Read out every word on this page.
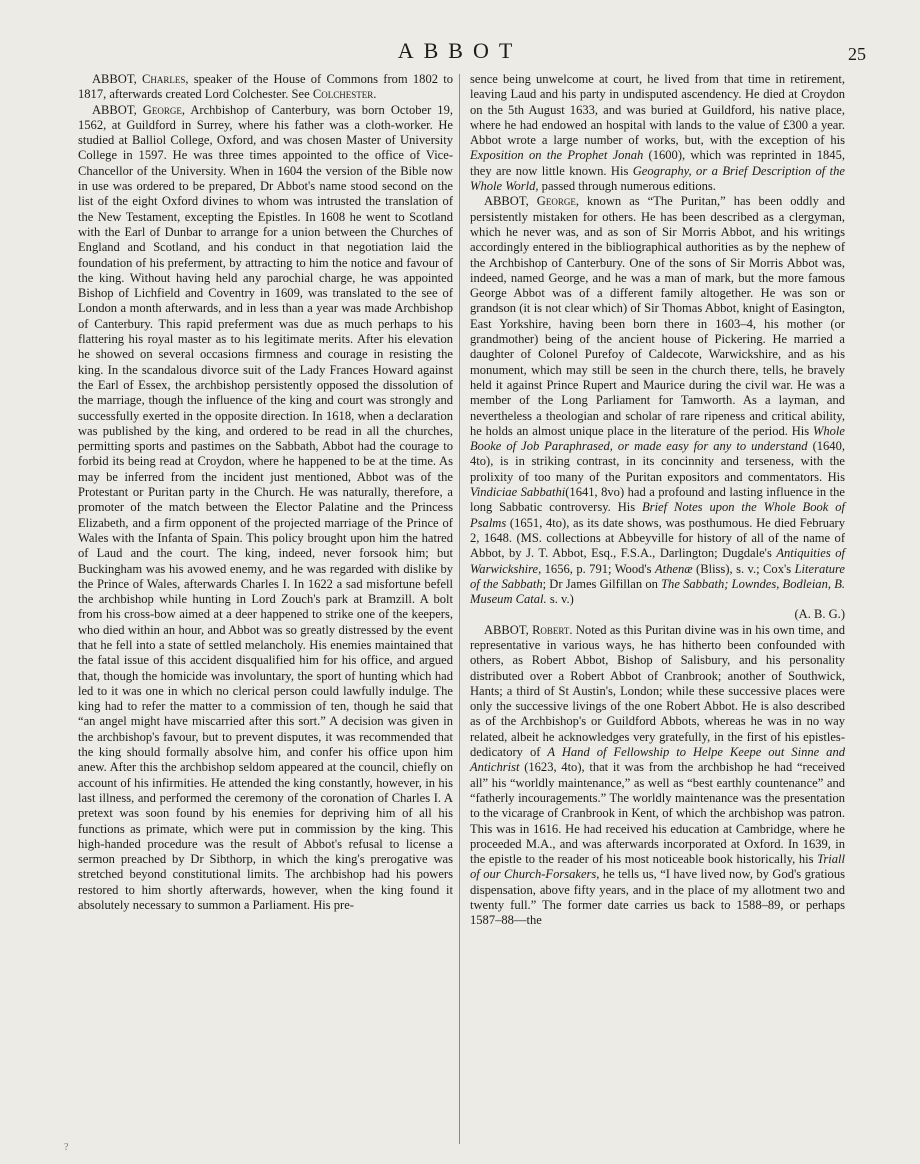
ABBOT	25

ABBOT, Charles, speaker of the House of Commons from 1802 to 1817, afterwards created Lord Colchester. See Colchester.

ABBOT, George, Archbishop of Canterbury, was born October 19, 1562, at Guildford in Surrey, where his father was a cloth-worker. He studied at Balliol College, Oxford, and was chosen Master of University College in 1597. He was three times appointed to the office of Vice-Chancellor of the University. When in 1604 the version of the Bible now in use was ordered to be prepared, Dr Abbot's name stood second on the list of the eight Oxford divines to whom was intrusted the translation of the New Testament, excepting the Epistles. In 1608 he went to Scotland with the Earl of Dunbar to arrange for a union between the Churches of England and Scotland, and his conduct in that negotiation laid the foundation of his preferment, by attracting to him the notice and favour of the king. Without having held any parochial charge, he was appointed Bishop of Lichfield and Coventry in 1609, was translated to the see of London a month afterwards, and in less than a year was made Archbishop of Canterbury. This rapid preferment was due as much perhaps to his flattering his royal master as to his legitimate merits. After his elevation he showed on several occasions firmness and courage in resisting the king. In the scandalous divorce suit of the Lady Frances Howard against the Earl of Essex, the archbishop persistently opposed the dissolution of the marriage, though the influence of the king and court was strongly and successfully exerted in the opposite direction. In 1618, when a declaration was published by the king, and ordered to be read in all the churches, permitting sports and pastimes on the Sabbath, Abbot had the courage to forbid its being read at Croydon, where he happened to be at the time. As may be inferred from the incident just mentioned, Abbot was of the Protestant or Puritan party in the Church. He was naturally, therefore, a promoter of the match between the Elector Palatine and the Princess Elizabeth, and a firm opponent of the projected marriage of the Prince of Wales with the Infanta of Spain. This policy brought upon him the hatred of Laud and the court. The king, indeed, never forsook him; but Buckingham was his avowed enemy, and he was regarded with dislike by the Prince of Wales, afterwards Charles I. In 1622 a sad misfortune befell the archbishop while hunting in Lord Zouch's park at Bramzill. A bolt from his cross-bow aimed at a deer happened to strike one of the keepers, who died within an hour, and Abbot was so greatly distressed by the event that he fell into a state of settled melancholy. His enemies maintained that the fatal issue of this accident disqualified him for his office, and argued that, though the homicide was involuntary, the sport of hunting which had led to it was one in which no clerical person could lawfully indulge. The king had to refer the matter to a commission of ten, though he said that “an angel might have miscarried after this sort.” A decision was given in the archbishop's favour, but to prevent disputes, it was recommended that the king should formally absolve him, and confer his office upon him anew. After this the archbishop seldom appeared at the council, chiefly on account of his infirmities. He attended the king constantly, however, in his last illness, and performed the ceremony of the coronation of Charles I. A pretext was soon found by his enemies for depriving him of all his functions as primate, which were put in commission by the king. This high-handed procedure was the result of Abbot's refusal to license a sermon preached by Dr Sibthorp, in which the king's prerogative was stretched beyond constitutional limits. The archbishop had his powers restored to him shortly afterwards, however, when the king found it absolutely necessary to summon a Parliament. His pre-

sence being unwelcome at court, he lived from that time in retirement, leaving Laud and his party in undisputed ascendency. He died at Croydon on the 5th August 1633, and was buried at Guildford, his native place, where he had endowed an hospital with lands to the value of £300 a year. Abbot wrote a large number of works, but, with the exception of his Exposition on the Prophet Jonah (1600), which was reprinted in 1845, they are now little known. His Geography, or a Brief Description of the Whole World, passed through numerous editions.

ABBOT, George, known as “The Puritan,” has been oddly and persistently mistaken for others. He has been described as a clergyman, which he never was, and as son of Sir Morris Abbot, and his writings accordingly entered in the bibliographical authorities as by the nephew of the Archbishop of Canterbury. One of the sons of Sir Morris Abbot was, indeed, named George, and he was a man of mark, but the more famous George Abbot was of a different family altogether. He was son or grandson (it is not clear which) of Sir Thomas Abbot, knight of Easington, East Yorkshire, having been born there in 1603–4, his mother (or grandmother) being of the ancient house of Pickering. He married a daughter of Colonel Purefoy of Caldecote, Warwickshire, and as his monument, which may still be seen in the church there, tells, he bravely held it against Prince Rupert and Maurice during the civil war. He was a member of the Long Parliament for Tamworth. As a layman, and nevertheless a theologian and scholar of rare ripeness and critical ability, he holds an almost unique place in the literature of the period. His Whole Booke of Job Paraphrased, or made easy for any to understand (1640, 4to), is in striking contrast, in its concinnity and terseness, with the prolixity of too many of the Puritan expositors and commentators. His Vindiciae Sabbathi(1641, 8vo) had a profound and lasting influence in the long Sabbatic controversy. His Brief Notes upon the Whole Book of Psalms (1651, 4to), as its date shows, was posthumous. He died February 2, 1648. (MS. collections at Abbeyville for history of all of the name of Abbot, by J. T. Abbot, Esq., F.S.A., Darlington; Dugdale's Antiquities of Warwickshire, 1656, p. 791; Wood's Athenæ (Bliss), s. v.; Cox's Literature of the Sabbath; Dr James Gilfillan on The Sabbath; Lowndes, Bodleian, B. Museum Catal. s. v.)
(A. B. G.)

ABBOT, Robert. Noted as this Puritan divine was in his own time, and representative in various ways, he has hitherto been confounded with others, as Robert Abbot, Bishop of Salisbury, and his personality distributed over a Robert Abbot of Cranbrook; another of Southwick, Hants; a third of St Austin's, London; while these successive places were only the successive livings of the one Robert Abbot. He is also described as of the Archbishop's or Guildford Abbots, whereas he was in no way related, albeit he acknowledges very gratefully, in the first of his epistles-dedicatory of A Hand of Fellowship to Helpe Keepe out Sinne and Antichrist (1623, 4to), that it was from the archbishop he had “received all” his “worldly maintenance,” as well as “best earthly countenance” and “fatherly incouragements.” The worldly maintenance was the presentation to the vicarage of Cranbrook in Kent, of which the archbishop was patron. This was in 1616. He had received his education at Cambridge, where he proceeded M.A., and was afterwards incorporated at Oxford. In 1639, in the epistle to the reader of his most noticeable book historically, his Triall of our Church-Forsakers, he tells us, “I have lived now, by God's gratious dispensation, above fifty years, and in the place of my allotment two and twenty full.” The former date carries us back to 1588–89, or perhaps 1587–88—the

?
